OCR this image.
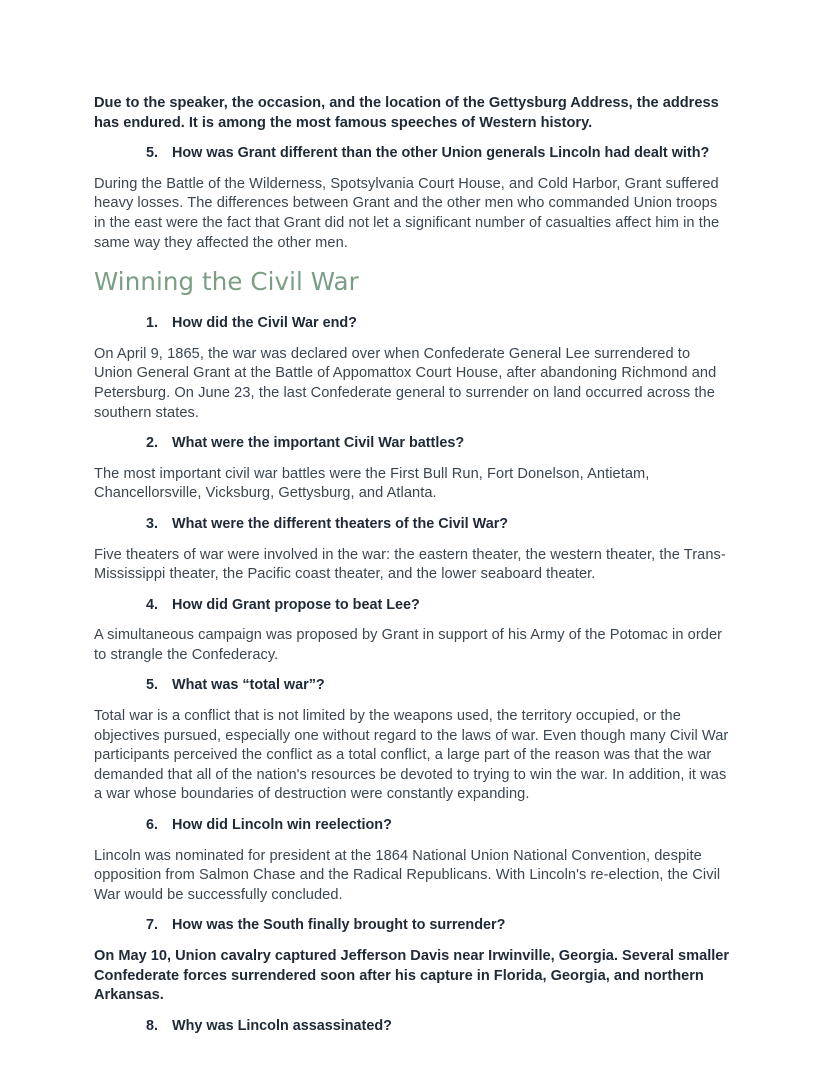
Due to the speaker, the occasion, and the location of the Gettysburg Address, the address has endured. It is among the most famous speeches of Western history.

5. How was Grant different than the other Union generals Lincoln had dealt with?

During the Battle of the Wilderness, Spotsylvania Court House, and Cold Harbor, Grant suffered heavy losses. The differences between Grant and the other men who commanded Union troops in the east were the fact that Grant did not let a significant number of casualties affect him in the same way they affected the other men.

Winning the Civil War
1. How did the Civil War end?

On April 9, 1865, the war was declared over when Confederate General Lee surrendered to Union General Grant at the Battle of Appomattox Court House, after abandoning Richmond and Petersburg. On June 23, the last Confederate general to surrender on land occurred across the southern states.

2. What were the important Civil War battles?

The most important civil war battles were the First Bull Run, Fort Donelson, Antietam, Chancellorsville, Vicksburg, Gettysburg, and Atlanta.

3. What were the different theaters of the Civil War?

Five theaters of war were involved in the war: the eastern theater, the western theater, the Trans-Mississippi theater, the Pacific coast theater, and the lower seaboard theater.

4. How did Grant propose to beat Lee?

A simultaneous campaign was proposed by Grant in support of his Army of the Potomac in order to strangle the Confederacy.

5. What was “total war”?

Total war is a conflict that is not limited by the weapons used, the territory occupied, or the objectives pursued, especially one without regard to the laws of war. Even though many Civil War participants perceived the conflict as a total conflict, a large part of the reason was that the war demanded that all of the nation's resources be devoted to trying to win the war. In addition, it was a war whose boundaries of destruction were constantly expanding.

6. How did Lincoln win reelection?

Lincoln was nominated for president at the 1864 National Union National Convention, despite opposition from Salmon Chase and the Radical Republicans. With Lincoln's re-election, the Civil War would be successfully concluded.

7. How was the South finally brought to surrender?

On May 10, Union cavalry captured Jefferson Davis near Irwinville, Georgia. Several smaller Confederate forces surrendered soon after his capture in Florida, Georgia, and northern Arkansas.

8. Why was Lincoln assassinated?
